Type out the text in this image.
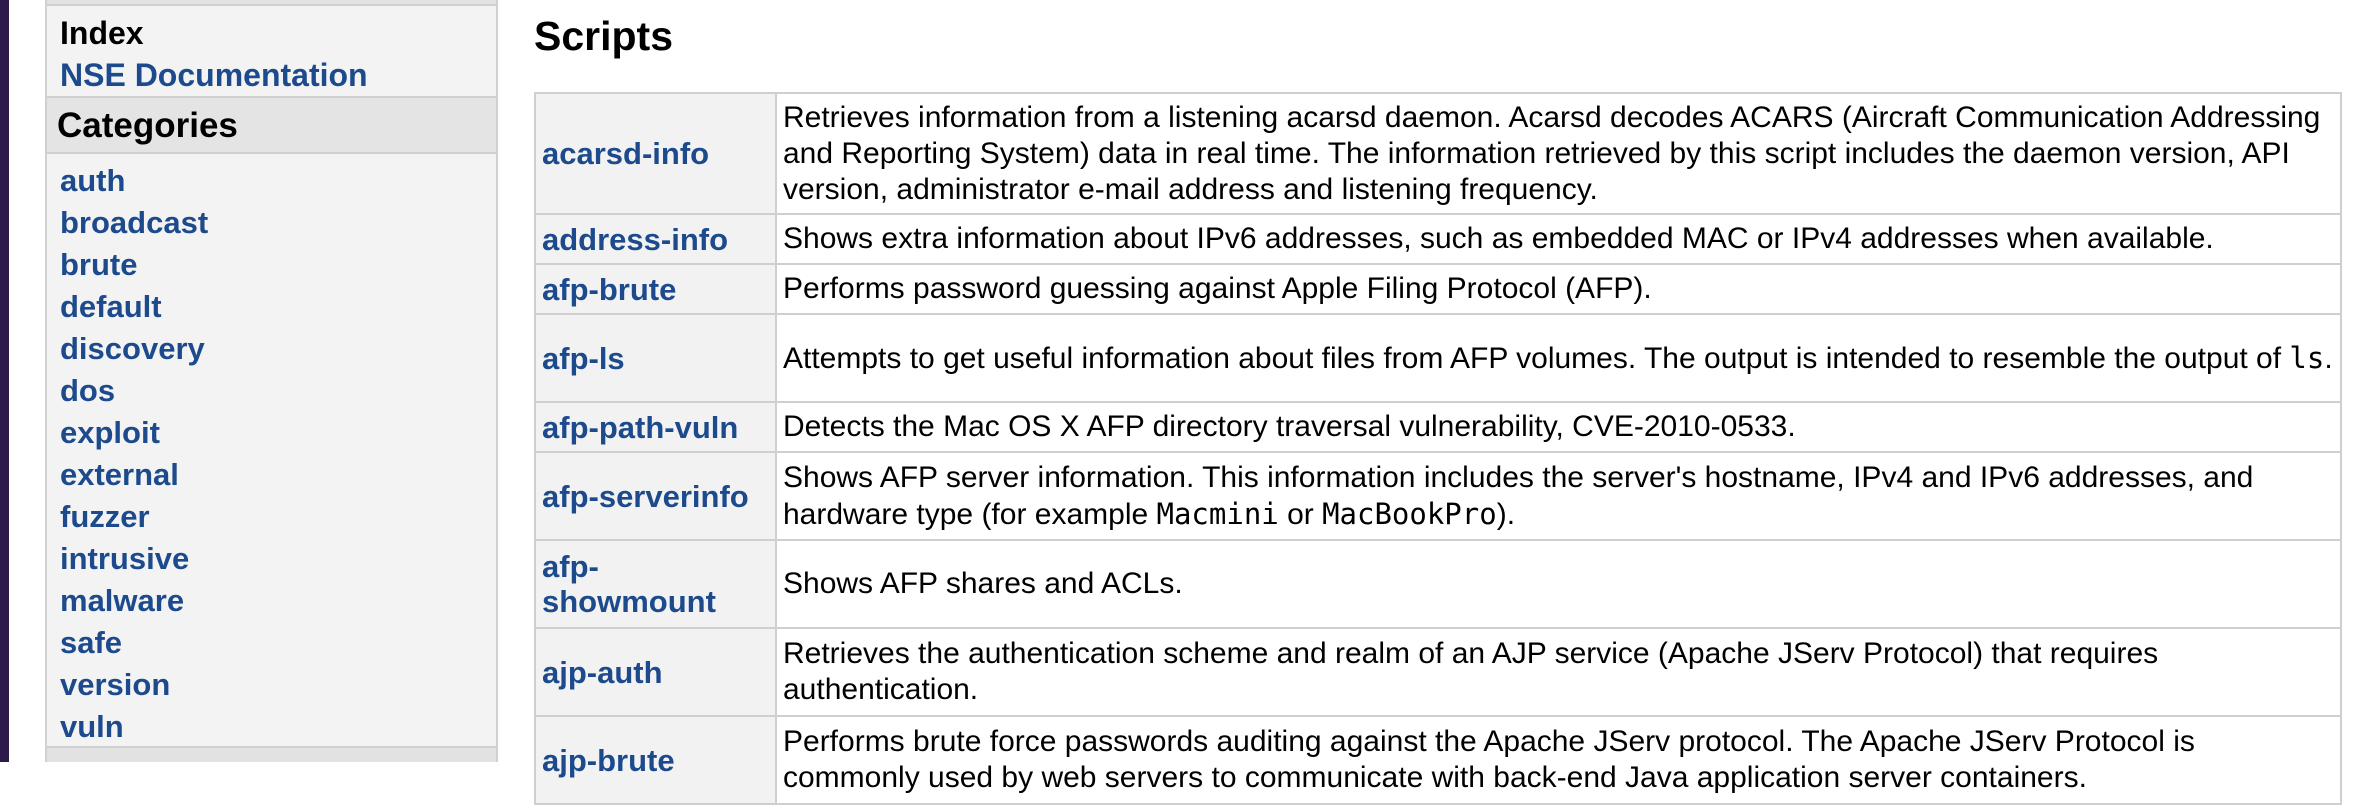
Index
NSE Documentation
Categories
auth
broadcast
brute
default
discovery
dos
exploit
external
fuzzer
intrusive
malware
safe
version
vuln
Scripts
acarsd-info	Retrieves information from a listening acarsd daemon. Acarsd decodes ACARS (Aircraft Communication Addressing and Reporting System) data in real time. The information retrieved by this script includes the daemon version, API version, administrator e-mail address and listening frequency.
address-info	Shows extra information about IPv6 addresses, such as embedded MAC or IPv4 addresses when available.
afp-brute	Performs password guessing against Apple Filing Protocol (AFP).
afp-ls	Attempts to get useful information about files from AFP volumes. The output is intended to resemble the output of ls.
afp-path-vuln	Detects the Mac OS X AFP directory traversal vulnerability, CVE-2010-0533.
afp-serverinfo	Shows AFP server information. This information includes the server's hostname, IPv4 and IPv6 addresses, and hardware type (for example Macmini or MacBookPro).
afp-showmount	Shows AFP shares and ACLs.
ajp-auth	Retrieves the authentication scheme and realm of an AJP service (Apache JServ Protocol) that requires authentication.
ajp-brute	Performs brute force passwords auditing against the Apache JServ protocol. The Apache JServ Protocol is commonly used by web servers to communicate with back-end Java application server containers.
